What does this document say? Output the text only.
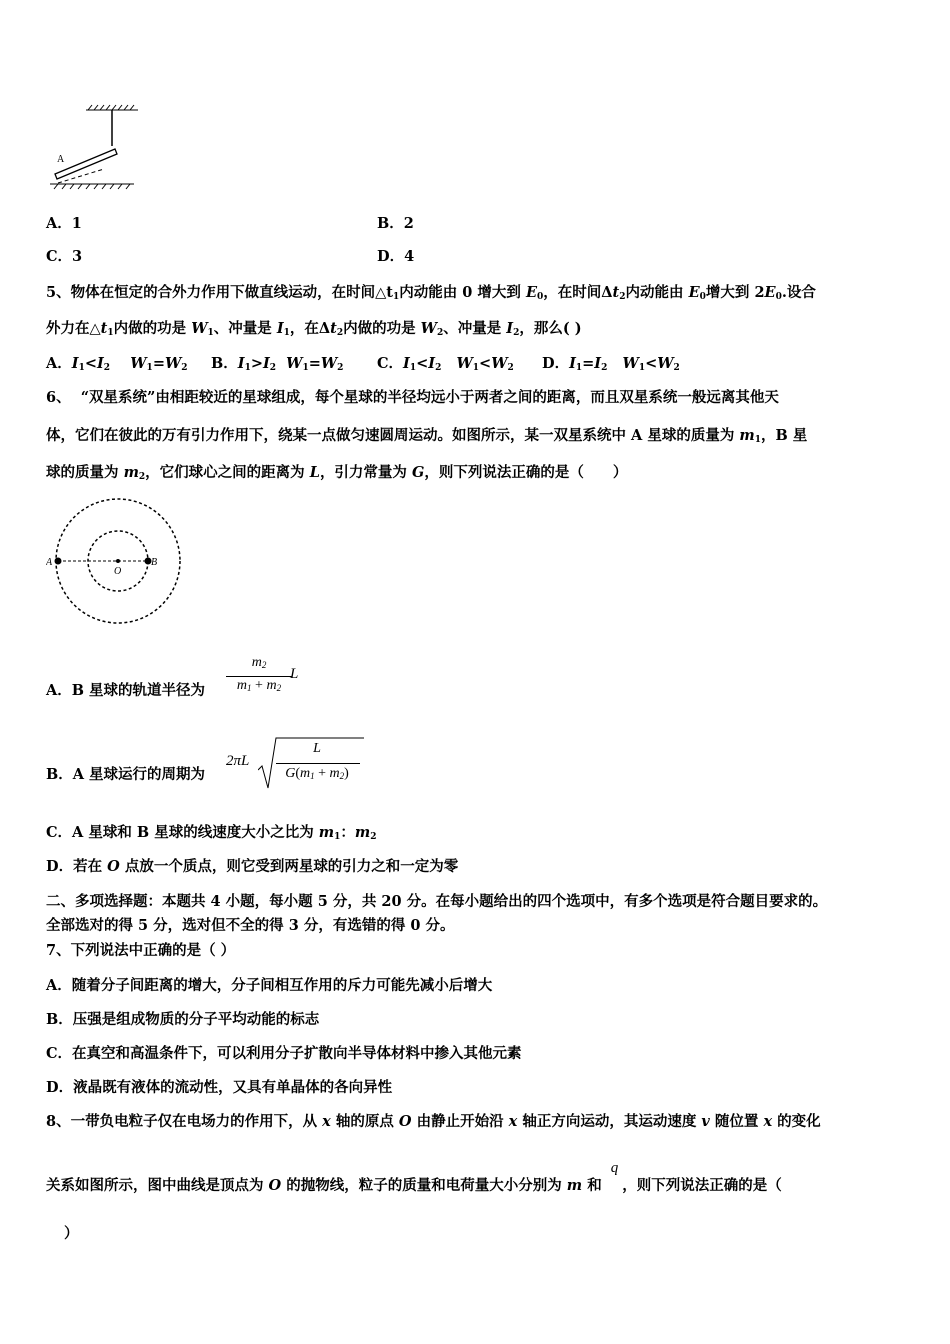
A
A．1	B．2
C．3	D．4
5、物体在恒定的合外力作用下做直线运动，在时间$\triangle t_1$内动能由 0 增大到 $E_0$，在时间$\Delta t_2$内动能由 $E_0$增大到 $2E_0$.设合
外力在$\triangle t_1$内做的功是 $W_1$、冲量是 $I_1$，在$\Delta t_2$内做的功是 $W_2$、冲量是 $I_2$，那么( )
A．$I_1<I_2$ $W_1=W_2$ B．$I_1>I_2$ $W_1=W_2$ C．$I_1<I_2$ $W_1<W_2$ D．$I_1=I_2$ $W_1<W_2$
6、 “双星系统”由相距较近的星球组成，每个星球的半径均远小于两者之间的距离，而且双星系统一般远离其他天
体，它们在彼此的万有引力作用下，绕某一点做匀速圆周运动。如图所示，某一双星系统中 A 星球的质量为 $m_1$，B 星
球的质量为 $m_2$，它们球心之间的距离为 L，引力常量为 G，则下列说法正确的是（　　）
A
O
B
A．B 星球的轨道半径为
$m_2$
$m_1 + m_2$
L
B．A 星球运行的周期为
2πL
L
$G(m_1 + m_2)$
C．A 星球和 B 星球的线速度大小之比为 $m_1$：$m_2$
D．若在 O 点放一个质点，则它受到两星球的引力之和一定为零
二、多项选择题：本题共 4 小题，每小题 5 分，共 20 分。在每小题给出的四个选项中，有多个选项是符合题目要求的。
全部选对的得 5 分，选对但不全的得 3 分，有选错的得 0 分。
7、下列说法中正确的是（ ）
A．随着分子间距离的增大，分子间相互作用的斥力可能先减小后增大
B．压强是组成物质的分子平均动能的标志
C．在真空和高温条件下，可以利用分子扩散向半导体材料中掺入其他元素
D．液晶既有液体的流动性，又具有单晶体的各向异性
8、一带负电粒子仅在电场力的作用下，从 x 轴的原点 O 由静止开始沿 x 轴正方向运动，其运动速度 v 随位置 x 的变化
关系如图所示，图中曲线是顶点为 O 的抛物线，粒子的质量和电荷量大小分别为 m 和 q，则下列说法正确的是（
）
